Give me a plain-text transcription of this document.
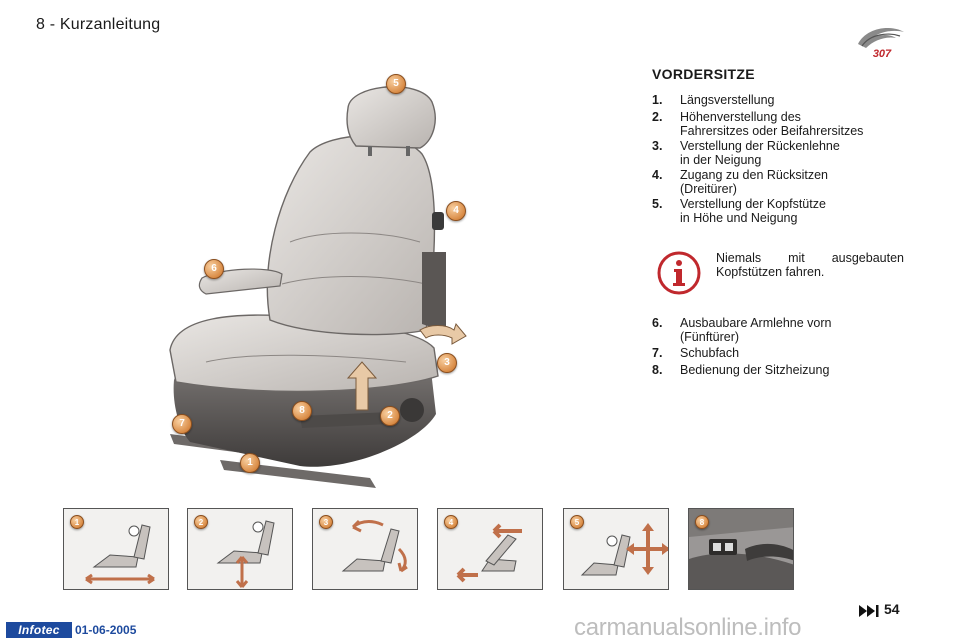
8 - Kurzanleitung
307
5
4
6
3
2
8
7
1
VORDERSITZE
1. Längsverstellung
2. Höhenverstellung des
Fahrersitzes oder Beifahrersitzes
3. Verstellung der Rückenlehne
in der Neigung
4. Zugang zu den Rücksitzen
(Dreitürer)
5. Verstellung der Kopfstütze
in Höhe und Neigung
Niemals mit ausgebauten
Kopfstützen fahren.
6. Ausbaubare Armlehne vorn
(Fünftürer)
7. Schubfach
8. Bedienung der Sitzheizung
1	2	3	4	5	8
54
Infotec	01-06-2005	carmanualsonline.info
